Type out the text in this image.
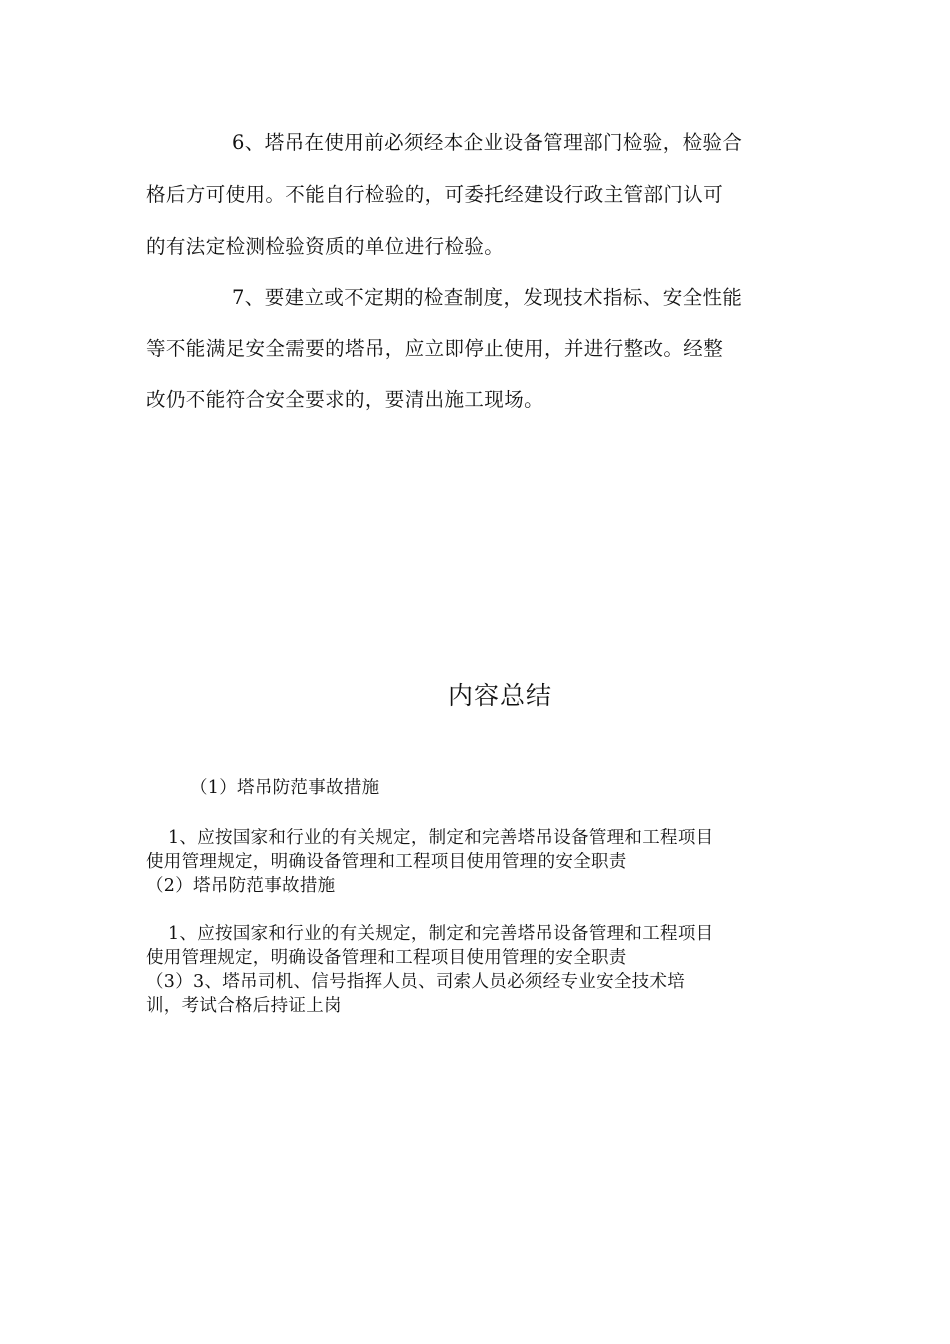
6、塔吊在使用前必须经本企业设备管理部门检验，检验合

格后方可使用。不能自行检验的，可委托经建设行政主管部门认可

的有法定检测检验资质的单位进行检验。

7、要建立或不定期的检查制度，发现技术指标、安全性能

等不能满足安全需要的塔吊，应立即停止使用，并进行整改。经整

改仍不能符合安全要求的，要清出施工现场。

内容总结

（1）塔吊防范事故措施

1、应按国家和行业的有关规定，制定和完善塔吊设备管理和工程项目

使用管理规定，明确设备管理和工程项目使用管理的安全职责

（2）塔吊防范事故措施

1、应按国家和行业的有关规定，制定和完善塔吊设备管理和工程项目

使用管理规定，明确设备管理和工程项目使用管理的安全职责

（3）3、塔吊司机、信号指挥人员、司索人员必须经专业安全技术培

训，考试合格后持证上岗
